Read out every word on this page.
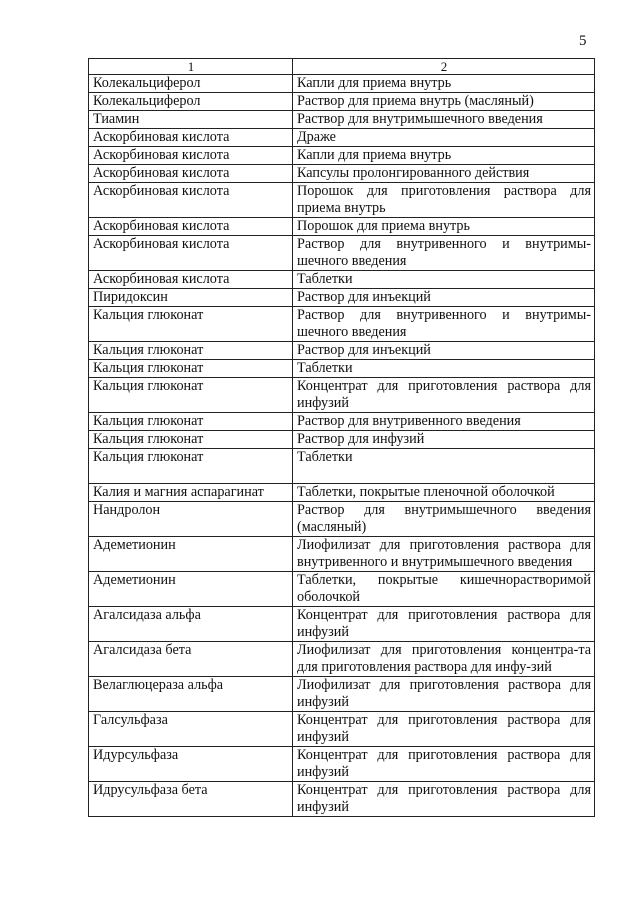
5
1	2
Колекальциферол	Капли для приема внутрь
Колекальциферол	Раствор для приема внутрь (масляный)
Тиамин	Раствор для внутримышечного введения
Аскорбиновая кислота	Драже
Аскорбиновая кислота	Капли для приема внутрь
Аскорбиновая кислота	Капсулы пролонгированного действия
Аскорбиновая кислота	Порошок для приготовления раствора для приема внутрь
Аскорбиновая кислота	Порошок для приема внутрь
Аскорбиновая кислота	Раствор для внутривенного и внутримы-шечного введения
Аскорбиновая кислота	Таблетки
Пиридоксин	Раствор для инъекций
Кальция глюконат	Раствор для внутривенного и внутримы-шечного введения
Кальция глюконат	Раствор для инъекций
Кальция глюконат	Таблетки
Кальция глюконат	Концентрат для приготовления раствора для инфузий
Кальция глюконат	Раствор для внутривенного введения
Кальция глюконат	Раствор для инфузий
Кальция глюконат	Таблетки
Калия и магния аспарагинат	Таблетки, покрытые пленочной оболочкой
Нандролон	Раствор для внутримышечного введения (масляный)
Адеметионин	Лиофилизат для приготовления раствора для внутривенного и внутримышечного введения
Адеметионин	Таблетки, покрытые кишечнорастворимой оболочкой
Агалсидаза альфа	Концентрат для приготовления раствора для инфузий
Агалсидаза бета	Лиофилизат для приготовления концентра-та для приготовления раствора для инфу-зий
Велаглюцераза альфа	Лиофилизат для приготовления раствора для инфузий
Галсульфаза	Концентрат для приготовления раствора для инфузий
Идурсульфаза	Концентрат для приготовления раствора для инфузий
Идрусульфаза бета	Концентрат для приготовления раствора для инфузий
